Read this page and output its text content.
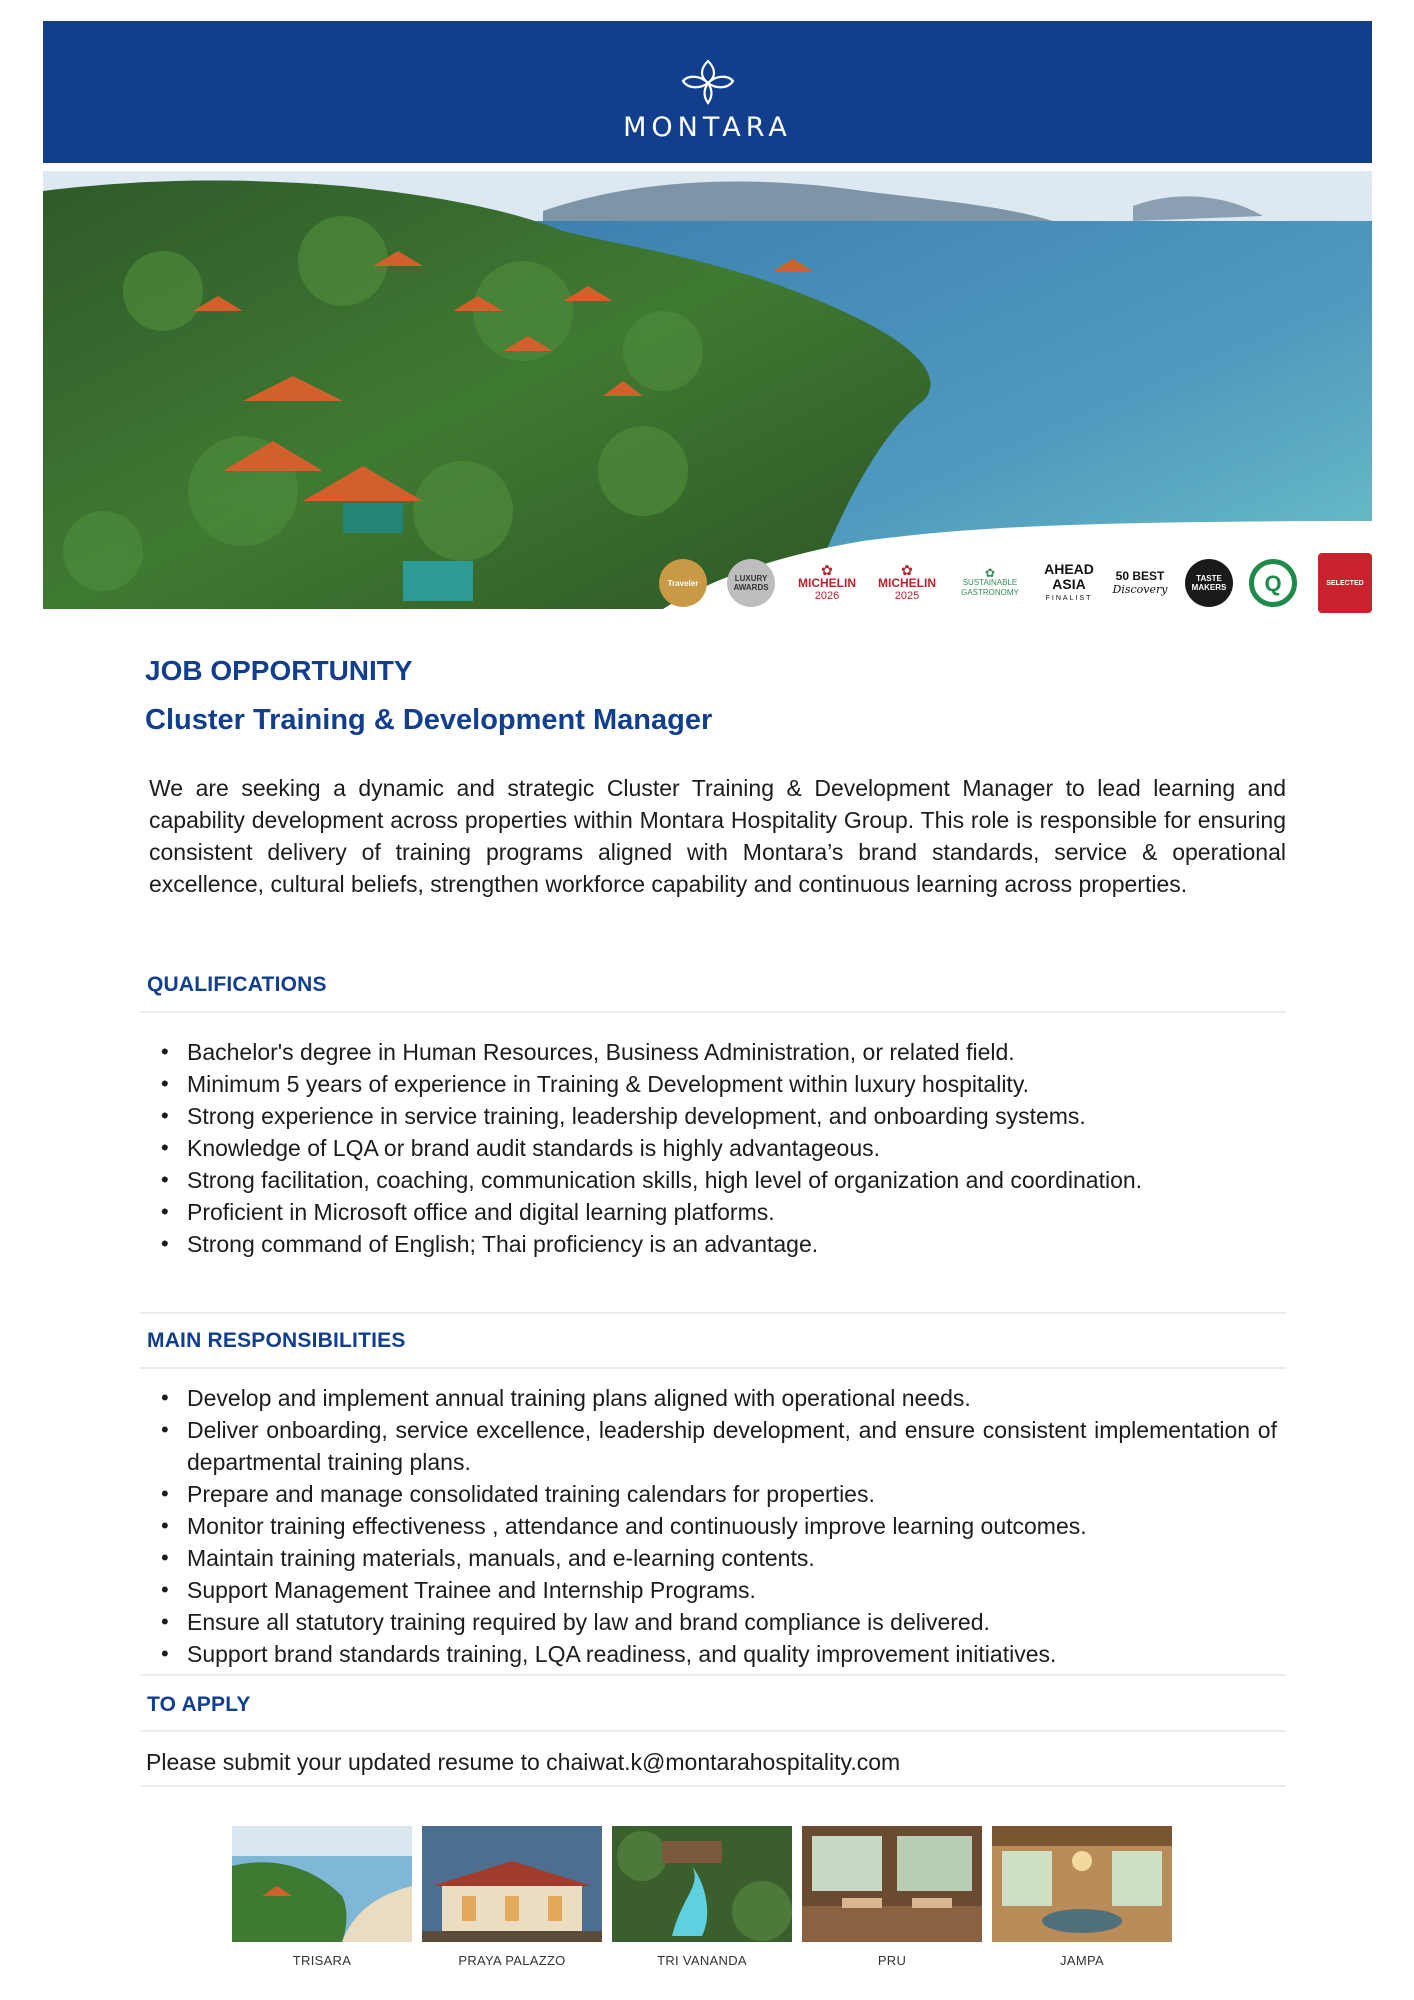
MONTARA
Traveler	LUXURY AWARDS
✿
MICHELIN
2026
✿
MICHELIN
2025
✿
SUSTAINABLE GASTRONOMY
AHEAD ASIA
FINALIST
50 BEST
Discovery
TASTE MAKERS	Q	SELECTED
JOB OPPORTUNITY
Cluster Training & Development Manager

We are seeking a dynamic and strategic Cluster Training & Development Manager to lead learning and capability development across properties within Montara Hospitality Group. This role is responsible for ensuring consistent delivery of training programs aligned with Montara’s brand standards, service & operational excellence, cultural beliefs, strengthen workforce capability and continuous learning across properties.

QUALIFICATIONS
• Bachelor's degree in Human Resources, Business Administration, or related field.
• Minimum 5 years of experience in Training & Development within luxury hospitality.
• Strong experience in service training, leadership development, and onboarding systems.
• Knowledge of LQA or brand audit standards is highly advantageous.
• Strong facilitation, coaching, communication skills, high level of organization and coordination.
• Proficient in Microsoft office and digital learning platforms.
• Strong command of English; Thai proficiency is an advantage.
MAIN RESPONSIBILITIES
• Develop and implement annual training plans aligned with operational needs.
• Deliver onboarding, service excellence, leadership development, and ensure consistent implementation of departmental training plans.
• Prepare and manage consolidated training calendars for properties.
• Monitor training effectiveness , attendance and continuously improve learning outcomes.
• Maintain training materials, manuals, and e-learning contents.
• Support Management Trainee and Internship Programs.
• Ensure all statutory training required by law and brand compliance is delivered.
• Support brand standards training, LQA readiness, and quality improvement initiatives.
TO APPLY
Please submit your updated resume to chaiwat.k@montarahospitality.com
TRISARA	PRAYA PALAZZO	TRI VANANDA	PRU	JAMPA
